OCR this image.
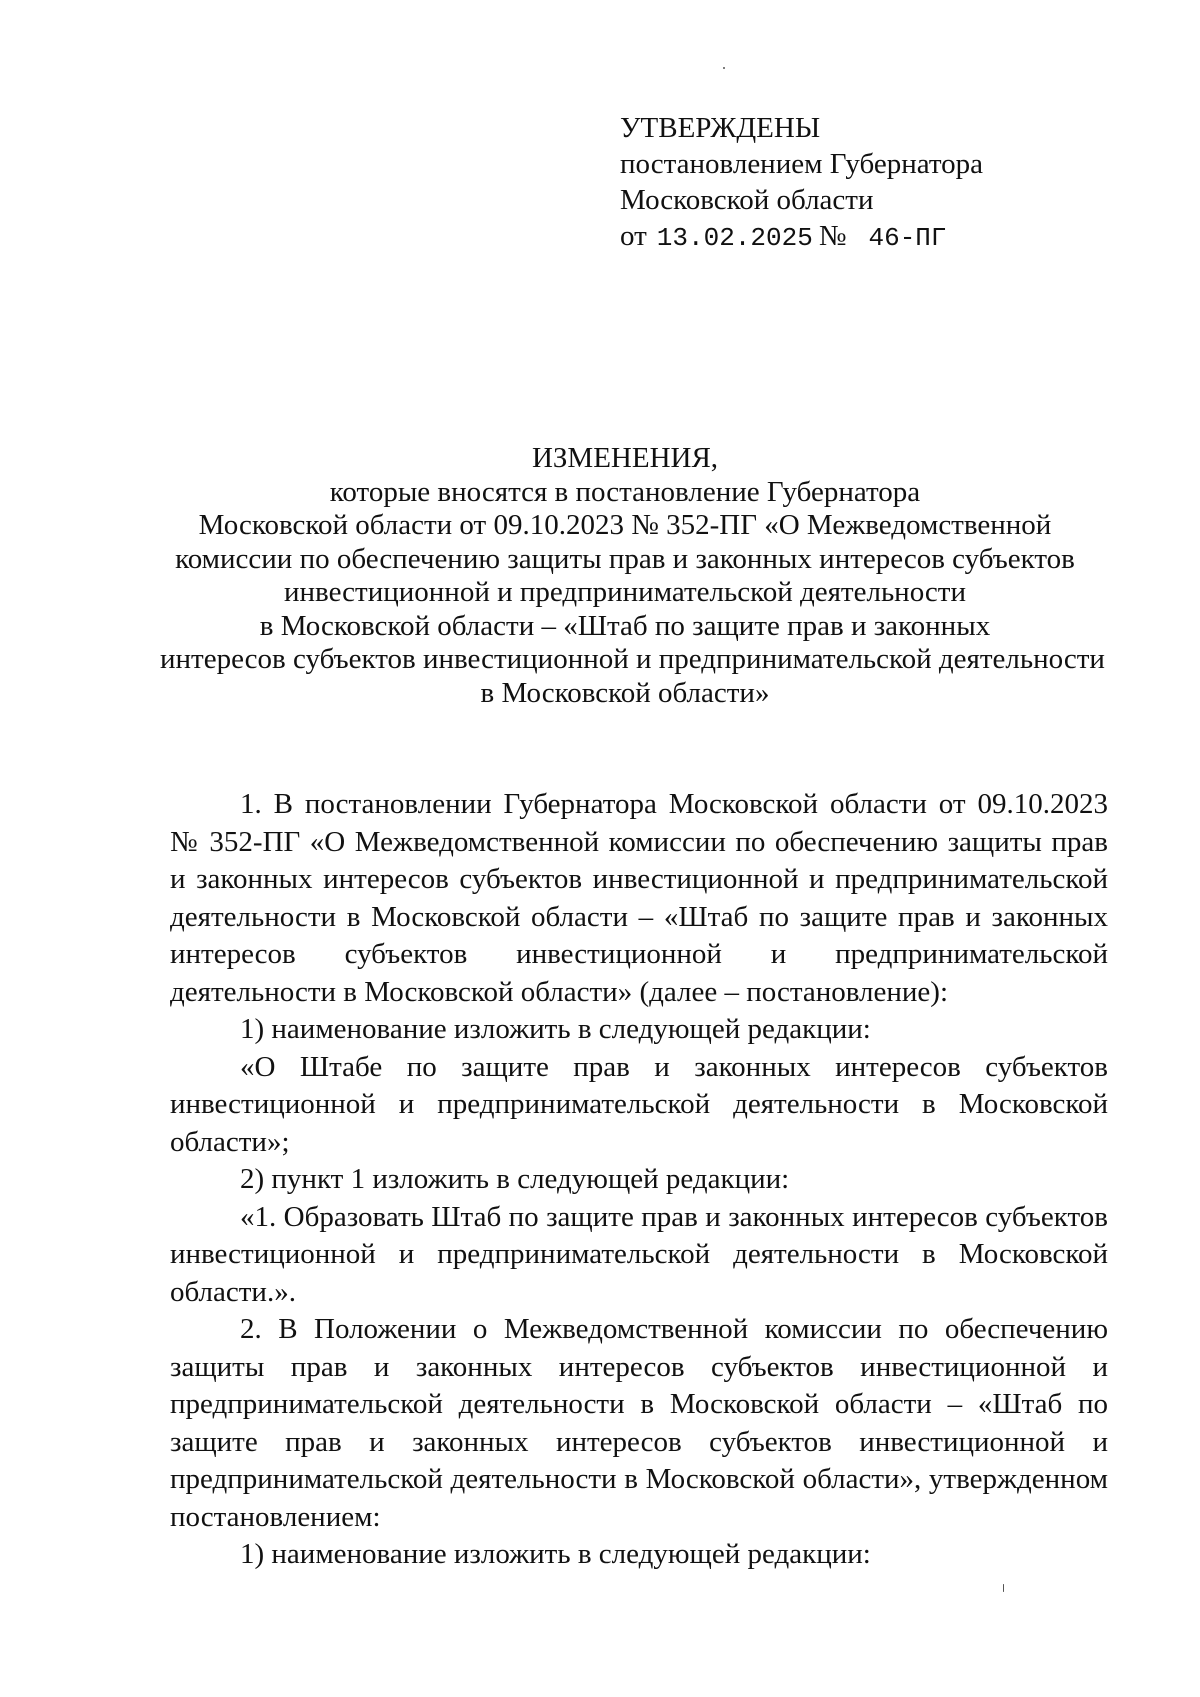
УТВЕРЖДЕНЫ
постановлением Губернатора
Московской области
от 13.02.2025 № 46-ПГ
ИЗМЕНЕНИЯ,
которые вносятся в постановление Губернатора
Московской области от 09.10.2023 № 352-ПГ «О Межведомственной
комиссии по обеспечению защиты прав и законных интересов субъектов
инвестиционной и предпринимательской деятельности
в Московской области – «Штаб по защите прав и законных
интересов субъектов инвестиционной и предпринимательской деятельности
в Московской области»

1. В постановлении Губернатора Московской области от 09.10.2023 № 352-ПГ «О Межведомственной комиссии по обеспечению защиты прав и законных интересов субъектов инвестиционной и предпринимательской деятельности в Московской области – «Штаб по защите прав и законных интересов субъектов инвестиционной и предпринимательской деятельности в Московской области» (далее – постановление):

1) наименование изложить в следующей редакции:

«О Штабе по защите прав и законных интересов субъектов инвестиционной и предпринимательской деятельности в Московской области»;

2) пункт 1 изложить в следующей редакции:

«1. Образовать Штаб по защите прав и законных интересов субъектов инвестиционной и предпринимательской деятельности в Московской области.».

2. В Положении о Межведомственной комиссии по обеспечению защиты прав и законных интересов субъектов инвестиционной и предпринимательской деятельности в Московской области – «Штаб по защите прав и законных интересов субъектов инвестиционной и предпринимательской деятельности в Московской области», утвержденном постановлением:

1) наименование изложить в следующей редакции:
